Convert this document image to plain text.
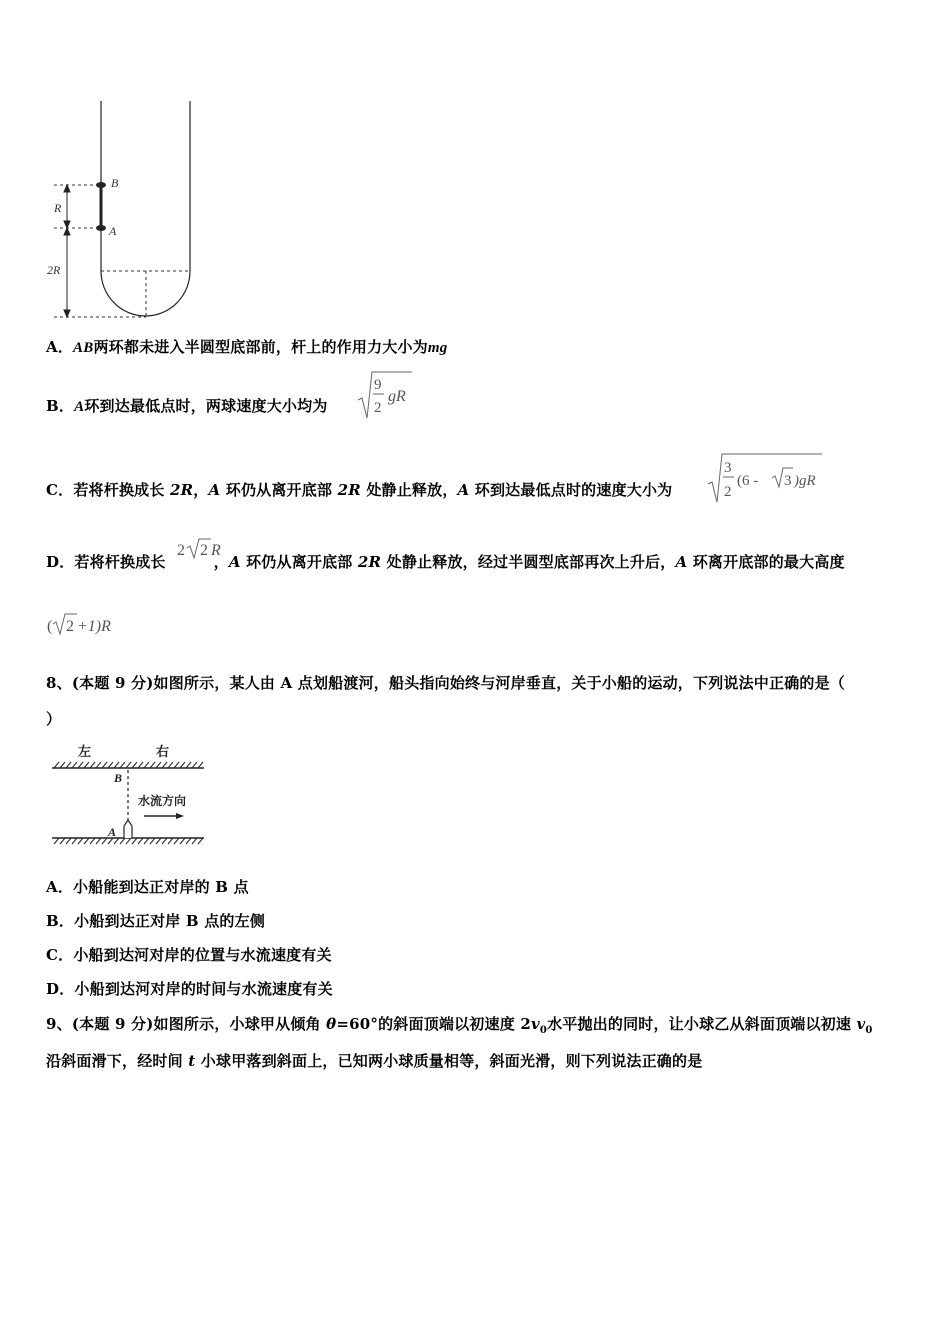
B
A
R
2R
A．AB两环都未进入半圆型底部前，杆上的作用力大小为mg
B．A环到达最低点时，两球速度大小均为
9
2
gR
C．若将杆换成长 2R，A 环仍从离开底部 2R 处静止释放，A 环到达最低点时的速度大小为
3
2
(6 - 3 )gR
D．若将杆换成长	，A 环仍从离开底部 2R 处静止释放，经过半圆型底部再次上升后，A 环离开底部的最大高度
2 2 R
( 2 +1)R
8、(本题 9 分)如图所示，某人由 A 点划船渡河，船头指向始终与河岸垂直，关于小船的运动，下列说法中正确的是（
）
左	右
B
A
水流方向
A．小船能到达正对岸的 B 点
B．小船到达正对岸 B 点的左侧
C．小船到达河对岸的位置与水流速度有关
D．小船到达河对岸的时间与水流速度有关
9、(本题 9 分)如图所示，小球甲从倾角 θ=60°的斜面顶端以初速度 $2v_0$水平抛出的同时，让小球乙从斜面顶端以初速 $v_0$
沿斜面滑下，经时间 t 小球甲落到斜面上，已知两小球质量相等，斜面光滑，则下列说法正确的是
